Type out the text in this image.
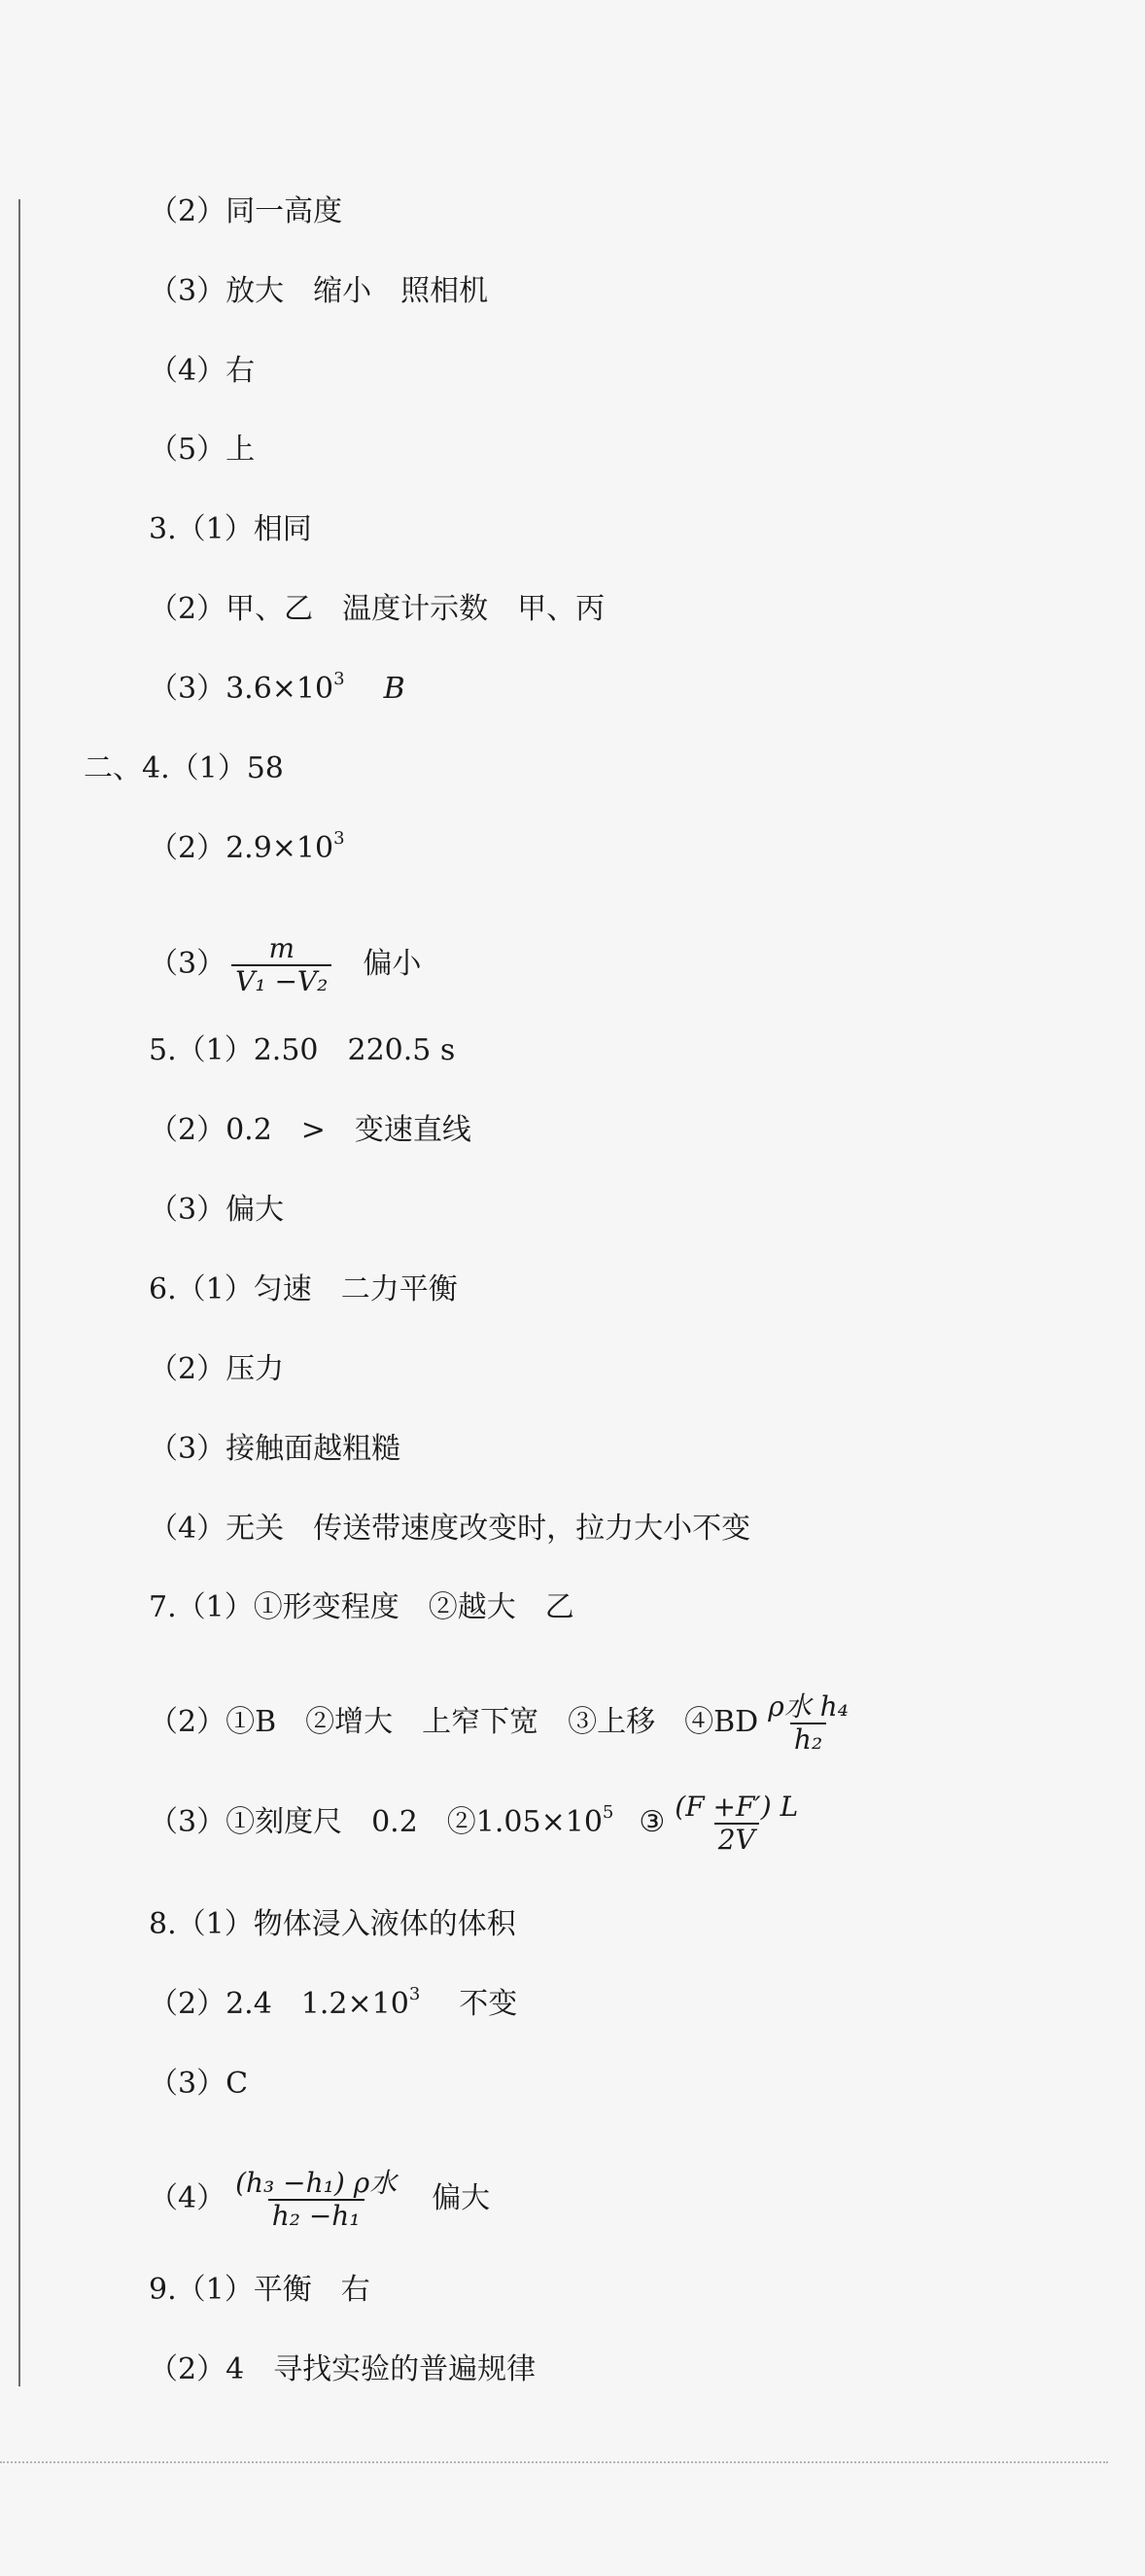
（2）同一高度
（3）放大　缩小　照相机
（4）右
（5）上
3.（1）相同
（2）甲、乙　温度计示数　甲、丙
$(3)3.6\times 10^3$ B
二、4.（1）58
$(2)2.9\times 10^3$
$(3) \frac{m}{\text{V₁ −V₂}}$ 偏小
5.（1）2.50　220.5 s
（2）0.2　>　变速直线
（3）偏大
6.（1）匀速　二力平衡
（2）压力
（3）接触面越粗糙
（4）无关　传送带速度改变时，拉力大小不变
7.（1）①形变程度　②越大　乙
（2）①B　②增大　上窄下宽　③上移　④BD $\frac{\text{ρ水 h₄}}{\text{h₂}}$
（3）①刻度尺　0.2　$②1.05\times 10^5$ ③ $\frac{(F +F') L}{2V}$
8.（1）物体浸入液体的体积
（2）2.4　$1.2\times 10^3$ 不变
（3）C
$(4) \frac{\text{(h₃ −h₁) ρ水}}{\text{h₂ −h₁}}$ 偏大
9.（1）平衡　右
（2）4　寻找实验的普遍规律
